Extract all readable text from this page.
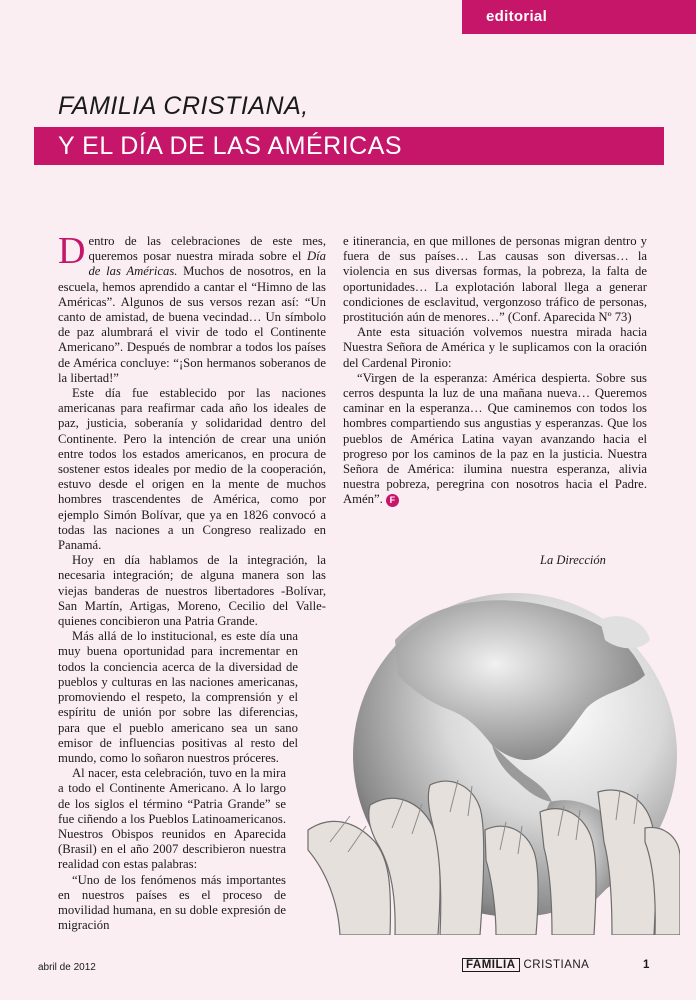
editorial
FAMILIA CRISTIANA,
Y EL DÍA DE LAS AMÉRICAS

Dentro de las celebraciones de este mes, queremos posar nuestra mirada sobre el Día de las Américas. Muchos de nosotros, en la escuela, hemos aprendido a cantar el “Himno de las Américas”. Algunos de sus versos rezan así: “Un canto de amistad, de buena vecindad… Un símbolo de paz alumbrará el vivir de todo el Continente Americano”. Después de nombrar a todos los países de América concluye: “¡Son hermanos soberanos de la libertad!”

Este día fue establecido por las naciones americanas para reafirmar cada año los ideales de paz, justicia, soberanía y solidaridad dentro del Continente. Pero la intención de crear una unión entre todos los estados americanos, en procura de sostener estos ideales por medio de la cooperación, estuvo desde el origen en la mente de muchos hombres trascendentes de América, como por ejemplo Simón Bolívar, que ya en 1826 convocó a todas las naciones a un Congreso realizado en Panamá.

Hoy en día hablamos de la integración, la necesaria integración; de alguna manera son las viejas banderas de nuestros libertadores -Bolívar, San Martín, Artigas, Moreno, Cecilio del Valle- quienes concibieron una Patria Grande.

Más allá de lo institucional, es este día una muy buena oportunidad para incrementar en todos la conciencia acerca de la diversidad de pueblos y culturas en las naciones americanas, promoviendo el respeto, la comprensión y el espíritu de unión por sobre las diferencias, para que el pueblo americano sea un sano emisor de influencias positivas al resto del mundo, como lo soñaron nuestros próceres.

Al nacer, esta celebración, tuvo en la mira a todo el Continente Americano. A lo largo de los siglos el término “Patria Grande” se fue ciñendo a los Pueblos Latinoamericanos. Nuestros Obispos reunidos en Aparecida (Brasil) en el año 2007 describieron nuestra realidad con estas palabras:

“Uno de los fenómenos más importantes en nuestros países es el proceso de movilidad humana, en su doble expresión de migración

e itinerancia, en que millones de personas migran dentro y fuera de sus países… Las causas son diversas… la violencia en sus diversas formas, la pobreza, la falta de oportunidades… La explotación laboral llega a generar condiciones de esclavitud, vergonzoso tráfico de personas, prostitución aún de menores…” (Conf. Aparecida Nº 73)

Ante esta situación volvemos nuestra mirada hacia Nuestra Señora de América y le suplicamos con la oración del Cardenal Pironio:

“Virgen de la esperanza: América despierta. Sobre sus cerros despunta la luz de una mañana nueva… Queremos caminar en la esperanza… Que caminemos con todos los hombres compartiendo sus angustias y esperanzas. Que los pueblos de América Latina vayan avanzando hacia el progreso por los caminos de la paz en la justicia. Nuestra Señora de América: ilumina nuestra esperanza, alivia nuestra pobreza, peregrina con nosotros hacia el Padre. Amén”. F

La Dirección
abril de 2012	FAMILIA CRISTIANA	1
